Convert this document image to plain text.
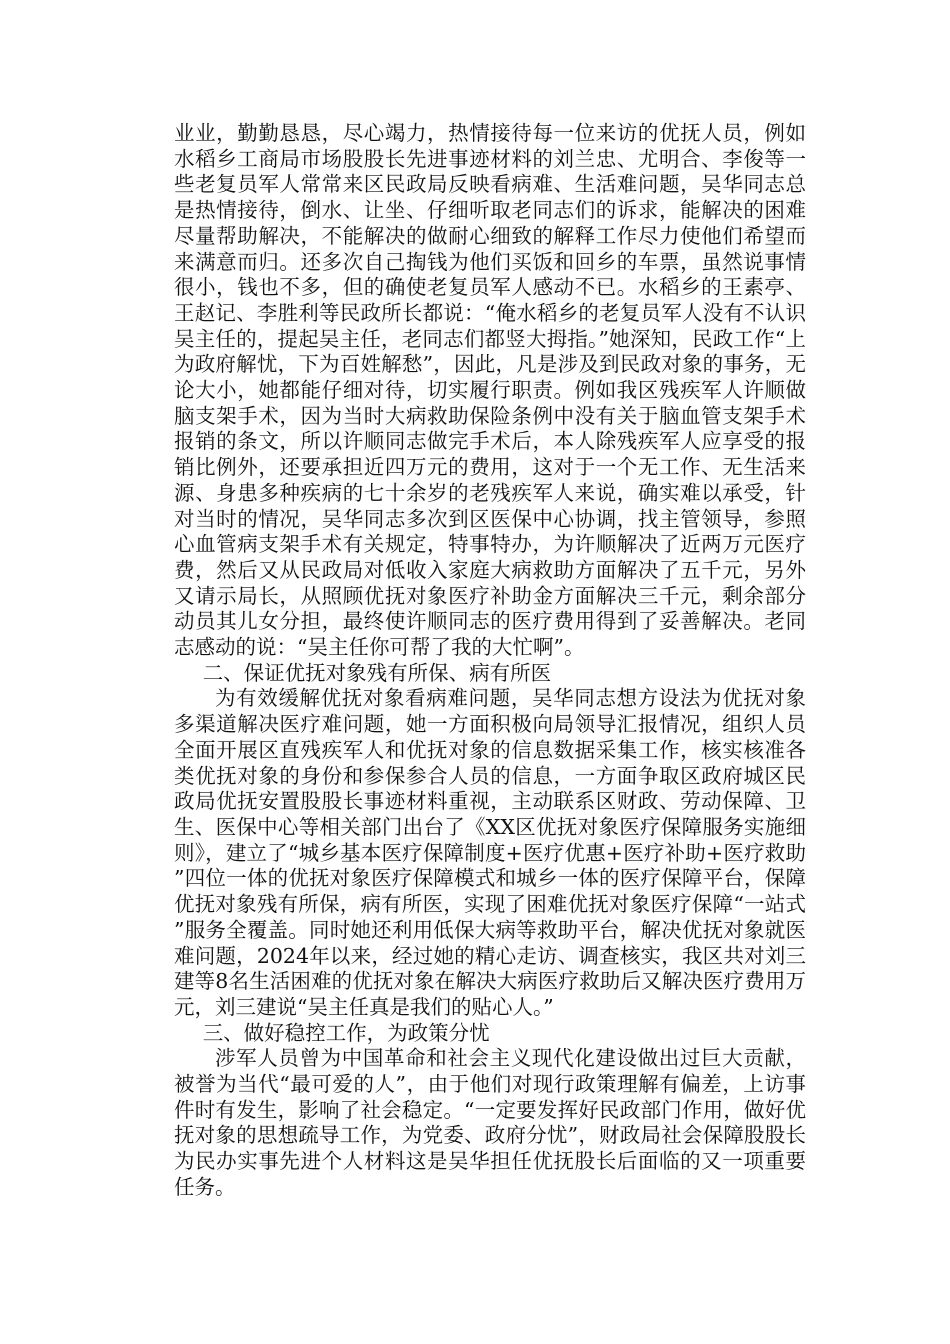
业业，勤勤恳恳，尽心竭力，热情接待每一位来访的优抚人员，例如水稻乡工商局市场股股长先进事迹材料的刘兰忠、尤明合、李俊等一些老复员军人常常来区民政局反映看病难、生活难问题，吴华同志总是热情接待，倒水、让坐、仔细听取老同志们的诉求，能解决的困难尽量帮助解决，不能解决的做耐心细致的解释工作尽力使他们希望而来满意而归。还多次自己掏钱为他们买饭和回乡的车票，虽然说事情很小，钱也不多，但的确使老复员军人感动不已。水稻乡的王素亭、王赵记、李胜利等民政所长都说：“俺水稻乡的老复员军人没有不认识吴主任的，提起吴主任，老同志们都竖大拇指。”她深知，民政工作“上为政府解忧，下为百姓解愁”，因此，凡是涉及到民政对象的事务，无论大小，她都能仔细对待，切实履行职责。例如我区残疾军人许顺做脑支架手术，因为当时大病救助保险条例中没有关于脑血管支架手术报销的条文，所以许顺同志做完手术后，本人除残疾军人应享受的报销比例外，还要承担近四万元的费用，这对于一个无工作、无生活来源、身患多种疾病的七十余岁的老残疾军人来说，确实难以承受，针对当时的情况，吴华同志多次到区医保中心协调，找主管领导，参照心血管病支架手术有关规定，特事特办，为许顺解决了近两万元医疗费，然后又从民政局对低收入家庭大病救助方面解决了五千元，另外又请示局长，从照顾优抚对象医疗补助金方面解决三千元，剩余部分动员其儿女分担，最终使许顺同志的医疗费用得到了妥善解决。老同志感动的说：“吴主任你可帮了我的大忙啊”。

二、保证优抚对象残有所保、病有所医

为有效缓解优抚对象看病难问题，吴华同志想方设法为优抚对象多渠道解决医疗难问题，她一方面积极向局领导汇报情况，组织人员全面开展区直残疾军人和优抚对象的信息数据采集工作，核实核准各类优抚对象的身份和参保参合人员的信息，一方面争取区政府城区民政局优抚安置股股长事迹材料重视，主动联系区财政、劳动保障、卫生、医保中心等相关部门出台了《XX区优抚对象医疗保障服务实施细则》，建立了“城乡基本医疗保障制度+医疗优惠+医疗补助+医疗救助”四位一体的优抚对象医疗保障模式和城乡一体的医疗保障平台，保障优抚对象残有所保，病有所医，实现了困难优抚对象医疗保障“一站式”服务全覆盖。同时她还利用低保大病等救助平台，解决优抚对象就医难问题，2024年以来，经过她的精心走访、调查核实，我区共对刘三建等8名生活困难的优抚对象在解决大病医疗救助后又解决医疗费用万元，刘三建说“吴主任真是我们的贴心人。”

三、做好稳控工作，为政策分忧

涉军人员曾为中国革命和社会主义现代化建设做出过巨大贡献，被誉为当代“最可爱的人”，由于他们对现行政策理解有偏差，上访事件时有发生，影响了社会稳定。“一定要发挥好民政部门作用，做好优抚对象的思想疏导工作，为党委、政府分忧”，财政局社会保障股股长为民办实事先进个人材料这是吴华担任优抚股长后面临的又一项重要任务。
